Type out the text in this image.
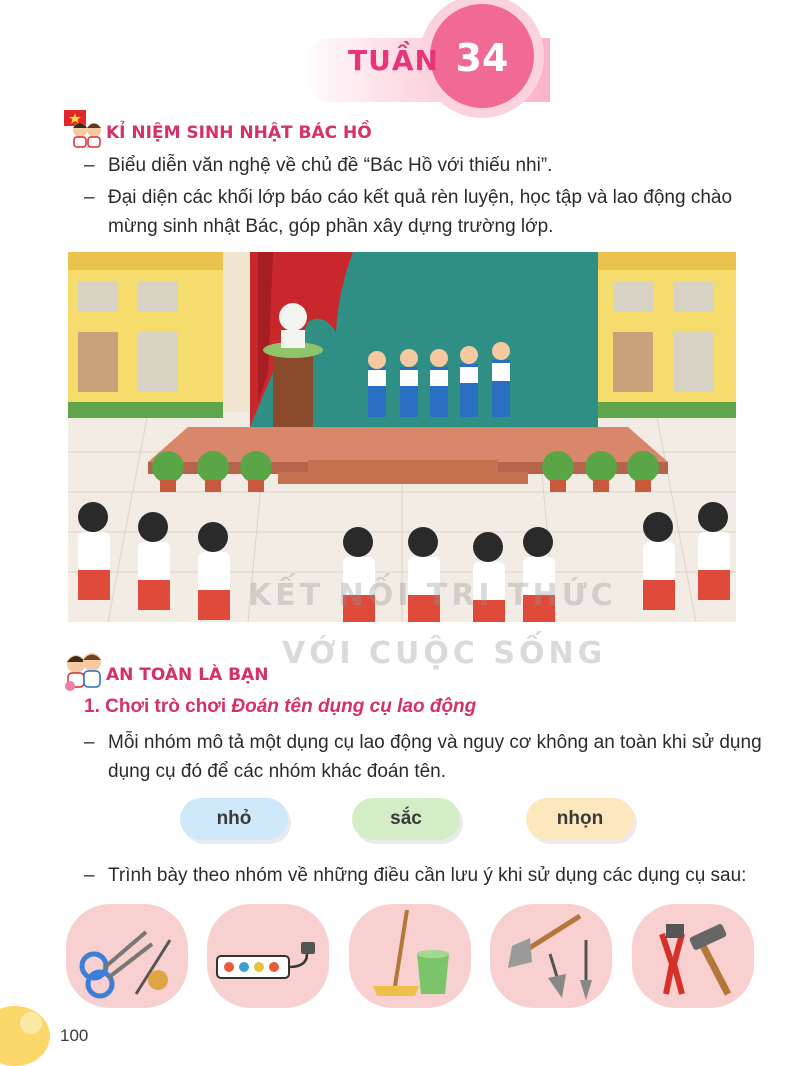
TUẦN 34
KỈ NIỆM SINH NHẬT BÁC HỒ
– Biểu diễn văn nghệ về chủ đề “Bác Hồ với thiếu nhi”.
– Đại diện các khối lớp báo cáo kết quả rèn luyện, học tập và lao động chào
mừng sinh nhật Bác, góp phần xây dựng trường lớp.
KẾT NỐI TRI THỨC
VỚI CUỘC SỐNG
AN TOÀN LÀ BẠN
1. Chơi trò chơi Đoán tên dụng cụ lao động
– Mỗi nhóm mô tả một dụng cụ lao động và nguy cơ không an toàn khi sử dụng
dụng cụ đó để các nhóm khác đoán tên.
nhỏ	sắc	nhọn
– Trình bày theo nhóm về những điều cần lưu ý khi sử dụng các dụng cụ sau:
100
